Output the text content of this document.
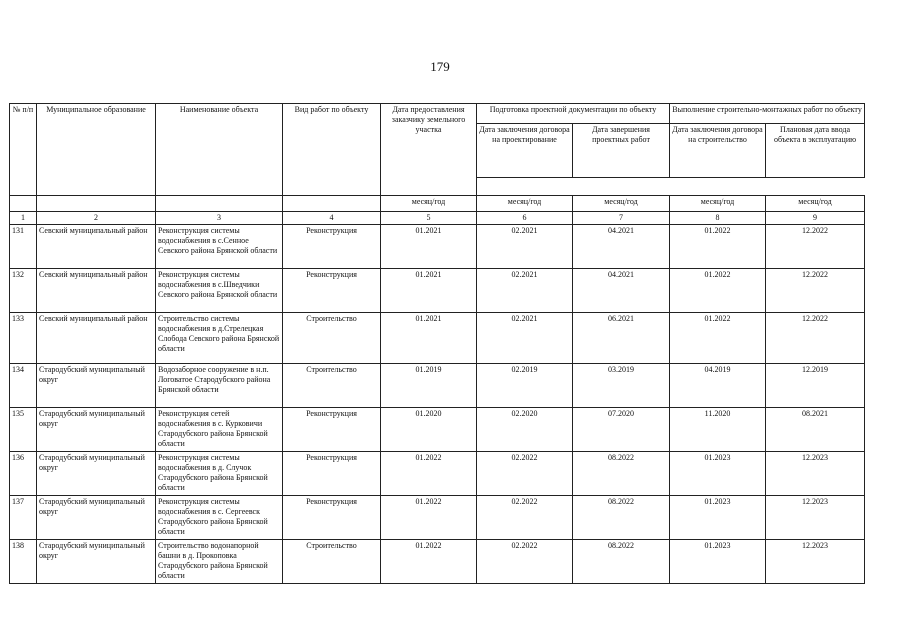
179
№ п/п	Муниципальное образование	Наименование объекта	Вид работ по объекту	Дата предоставления заказчику земельного участка	Подготовка проектной документации по объекту		Выполнение строительно-монтажных работ по объекту	
					Дата заключения договора на проектирование	Дата завершения проектных работ	Дата заключения договора на строительство	Плановая дата ввода объекта в эксплуатацию

				месяц/год	месяц/год	месяц/год	месяц/год	месяц/год
1	2	3	4	5	6	7	8	9
131	Севский муниципальный район	Реконструкция системы водоснабжения в с.Сенное Севского района Брянской области	Реконструкция	01.2021	02.2021	04.2021	01.2022	12.2022
132	Севский муниципальный район	Реконструкция системы водоснабжения в с.Шведчики Севского района Брянской области	Реконструкция	01.2021	02.2021	04.2021	01.2022	12.2022
133	Севский муниципальный район	Строительство системы водоснабжения в д.Стрелецкая Слобода Севского района Брянской области	Строительство	01.2021	02.2021	06.2021	01.2022	12.2022
134	Стародубский муниципальный округ	Водозаборное сооружение в н.п. Логоватое Стародубского района Брянской области	Строительство	01.2019	02.2019	03.2019	04.2019	12.2019
135	Стародубский муниципальный округ	Реконструкция сетей водоснабжения в с. Курковичи Стародубского района Брянской области	Реконструкция	01.2020	02.2020	07.2020	11.2020	08.2021
136	Стародубский муниципальный округ	Реконструкция системы водоснабжения в д. Случок Стародубского района Брянской области	Реконструкция	01.2022	02.2022	08.2022	01.2023	12.2023
137	Стародубский муниципальный округ	Реконструкция системы водоснабжения в с. Сергеевск Стародубского района Брянской области	Реконструкция	01.2022	02.2022	08.2022	01.2023	12.2023
138	Стародубский муниципальный округ	Строительство водонапорной башни в д. Прокоповка Стародубского района Брянской области	Строительство	01.2022	02.2022	08.2022	01.2023	12.2023
